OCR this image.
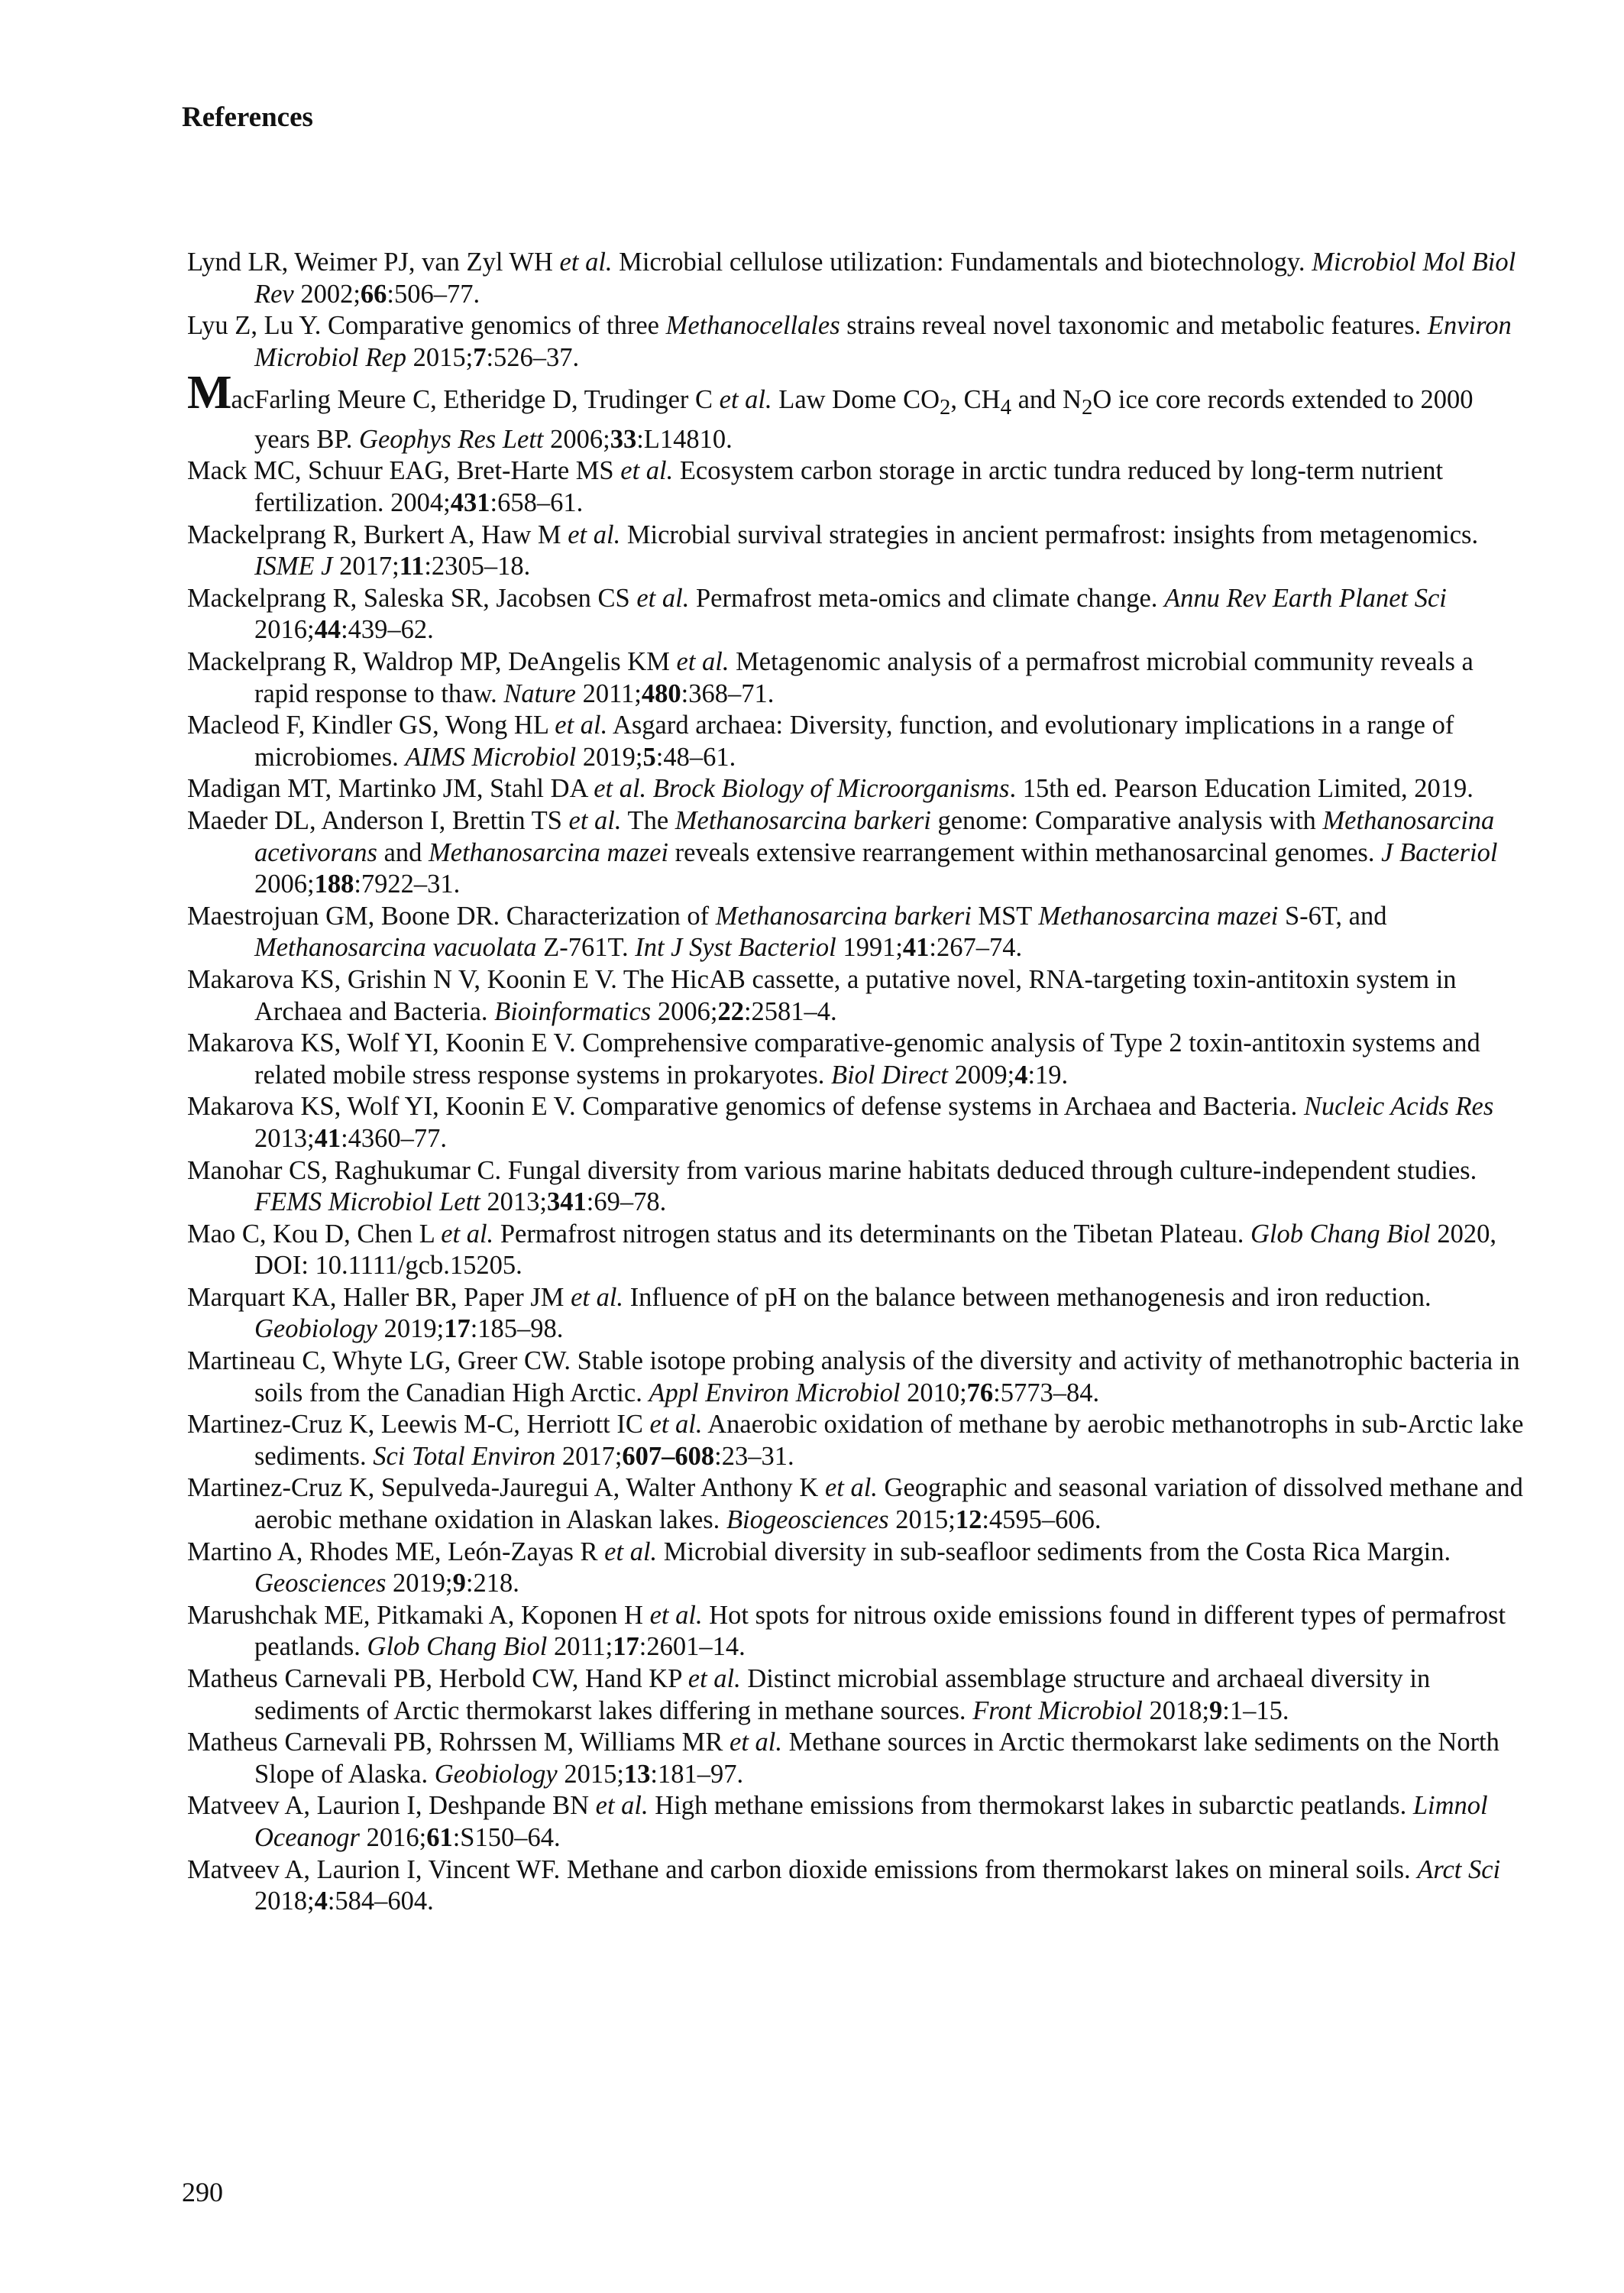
References

Lynd LR, Weimer PJ, van Zyl WH et al. Microbial cellulose utilization: Fundamentals and biotechnology. Microbiol Mol Biol Rev 2002;66:506–77.

Lyu Z, Lu Y. Comparative genomics of three Methanocellales strains reveal novel taxonomic and metabolic features. Environ Microbiol Rep 2015;7:526–37.

MacFarling Meure C, Etheridge D, Trudinger C et al. Law Dome $CO_2$, $CH_4$ and $N_2O$ ice core records extended to 2000 years BP. Geophys Res Lett 2006;33:L14810.

Mack MC, Schuur EAG, Bret-Harte MS et al. Ecosystem carbon storage in arctic tundra reduced by long-term nutrient fertilization. 2004;431:658–61.

Mackelprang R, Burkert A, Haw M et al. Microbial survival strategies in ancient permafrost: insights from metagenomics. ISME J 2017;11:2305–18.

Mackelprang R, Saleska SR, Jacobsen CS et al. Permafrost meta-omics and climate change. Annu Rev Earth Planet Sci 2016;44:439–62.

Mackelprang R, Waldrop MP, DeAngelis KM et al. Metagenomic analysis of a permafrost microbial community reveals a rapid response to thaw. Nature 2011;480:368–71.

Macleod F, Kindler GS, Wong HL et al. Asgard archaea: Diversity, function, and evolutionary implications in a range of microbiomes. AIMS Microbiol 2019;5:48–61.

Madigan MT, Martinko JM, Stahl DA et al. Brock Biology of Microorganisms. 15th ed. Pearson Education Limited, 2019.

Maeder DL, Anderson I, Brettin TS et al. The Methanosarcina barkeri genome: Comparative analysis with Methanosarcina acetivorans and Methanosarcina mazei reveals extensive rearrangement within methanosarcinal genomes. J Bacteriol 2006;188:7922–31.

Maestrojuan GM, Boone DR. Characterization of Methanosarcina barkeri MST Methanosarcina mazei S-6T, and Methanosarcina vacuolata Z-761T. Int J Syst Bacteriol 1991;41:267–74.

Makarova KS, Grishin N V, Koonin E V. The HicAB cassette, a putative novel, RNA-targeting toxin-antitoxin system in Archaea and Bacteria. Bioinformatics 2006;22:2581–4.

Makarova KS, Wolf YI, Koonin E V. Comprehensive comparative-genomic analysis of Type 2 toxin-antitoxin systems and related mobile stress response systems in prokaryotes. Biol Direct 2009;4:19.

Makarova KS, Wolf YI, Koonin E V. Comparative genomics of defense systems in Archaea and Bacteria. Nucleic Acids Res 2013;41:4360–77.

Manohar CS, Raghukumar C. Fungal diversity from various marine habitats deduced through culture-independent studies. FEMS Microbiol Lett 2013;341:69–78.

Mao C, Kou D, Chen L et al. Permafrost nitrogen status and its determinants on the Tibetan Plateau. Glob Chang Biol 2020, DOI: 10.1111/gcb.15205.

Marquart KA, Haller BR, Paper JM et al. Influence of pH on the balance between methanogenesis and iron reduction. Geobiology 2019;17:185–98.

Martineau C, Whyte LG, Greer CW. Stable isotope probing analysis of the diversity and activity of methanotrophic bacteria in soils from the Canadian High Arctic. Appl Environ Microbiol 2010;76:5773–84.

Martinez-Cruz K, Leewis M-C, Herriott IC et al. Anaerobic oxidation of methane by aerobic methanotrophs in sub-Arctic lake sediments. Sci Total Environ 2017;607–608:23–31.

Martinez-Cruz K, Sepulveda-Jauregui A, Walter Anthony K et al. Geographic and seasonal variation of dissolved methane and aerobic methane oxidation in Alaskan lakes. Biogeosciences 2015;12:4595–606.

Martino A, Rhodes ME, León-Zayas R et al. Microbial diversity in sub-seafloor sediments from the Costa Rica Margin. Geosciences 2019;9:218.

Marushchak ME, Pitkamaki A, Koponen H et al. Hot spots for nitrous oxide emissions found in different types of permafrost peatlands. Glob Chang Biol 2011;17:2601–14.

Matheus Carnevali PB, Herbold CW, Hand KP et al. Distinct microbial assemblage structure and archaeal diversity in sediments of Arctic thermokarst lakes differing in methane sources. Front Microbiol 2018;9:1–15.

Matheus Carnevali PB, Rohrssen M, Williams MR et al. Methane sources in Arctic thermokarst lake sediments on the North Slope of Alaska. Geobiology 2015;13:181–97.

Matveev A, Laurion I, Deshpande BN et al. High methane emissions from thermokarst lakes in subarctic peatlands. Limnol Oceanogr 2016;61:S150–64.

Matveev A, Laurion I, Vincent WF. Methane and carbon dioxide emissions from thermokarst lakes on mineral soils. Arct Sci 2018;4:584–604.

290
